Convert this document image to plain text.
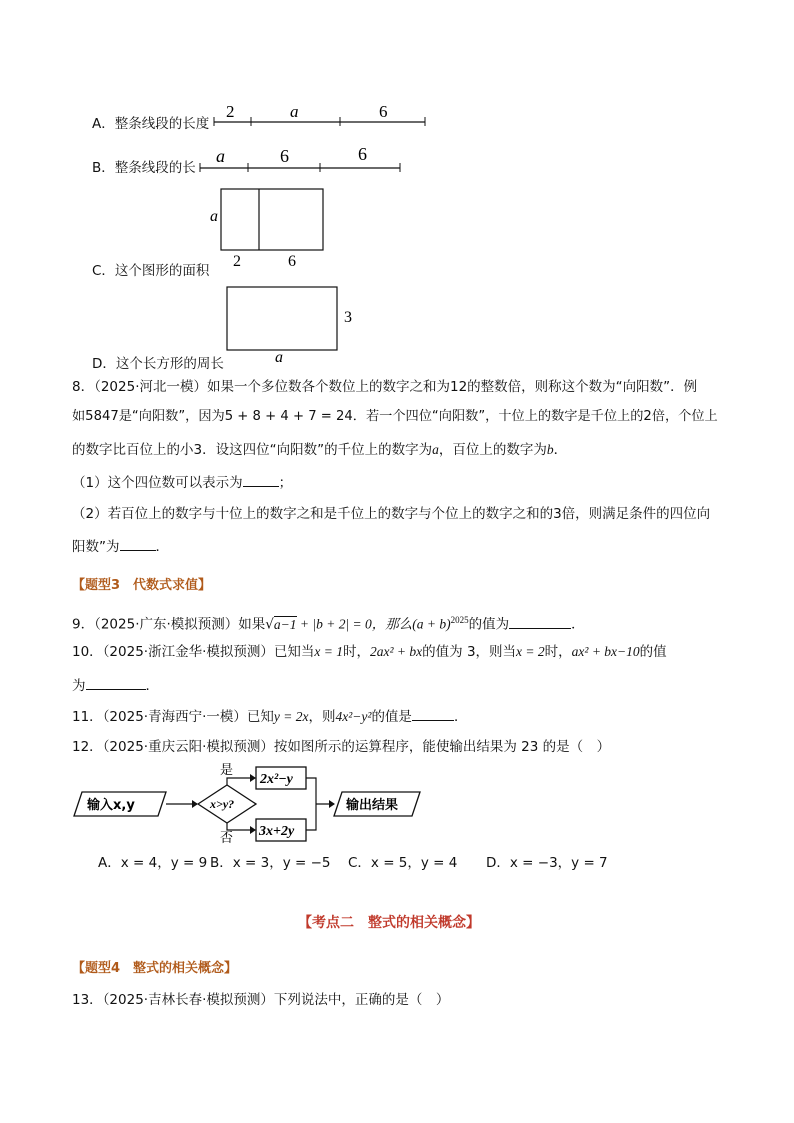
A．整条线段的长度
2	a	6
B．整条线段的长
a	6	6
a
2	6
C．这个图形的面积
3
a
D．这个长方形的周长
8．（2025·河北一模）如果一个多位数各个数位上的数字之和为12的整数倍，则称这个数为“向阳数”．例
如5847是“向阳数”，因为5 + 8 + 4 + 7 = 24．若一个四位“向阳数”，十位上的数字是千位上的2倍，个位上
的数字比百位上的小3．设这四位“向阳数”的千位上的数字为a，百位上的数字为b．
（1）这个四位数可以表示为	；
（2）若百位上的数字与十位上的数字之和是千位上的数字与个位上的数字之和的3倍，则满足条件的四位向
阳数”为	．
【题型3　代数式求值】
9．（2025·广东·模拟预测）如果√a−1 + |b + 2| = 0，那么$(a + b)^{2025}$的值为	．
10．（2025·浙江金华·模拟预测）已知当x = 1时，2ax² + bx的值为 3，则当x = 2时，ax² + bx−10的值
为	．
11．（2025·青海西宁·一模）已知y = 2x，则4x²−y²的值是	．
12．（2025·重庆云阳·模拟预测）按如图所示的运算程序，能使输出结果为 23 的是（　）
输入x,y	x>y?
是
否
2x²−y
3x+2y
输出结果
A．x = 4，y = 9 B．x = 3，y = −5 C．x = 5，y = 4 D．x = −3，y = 7
【考点二　整式的相关概念】
【题型4　整式的相关概念】
13．（2025·吉林长春·模拟预测）下列说法中，正确的是（　）
